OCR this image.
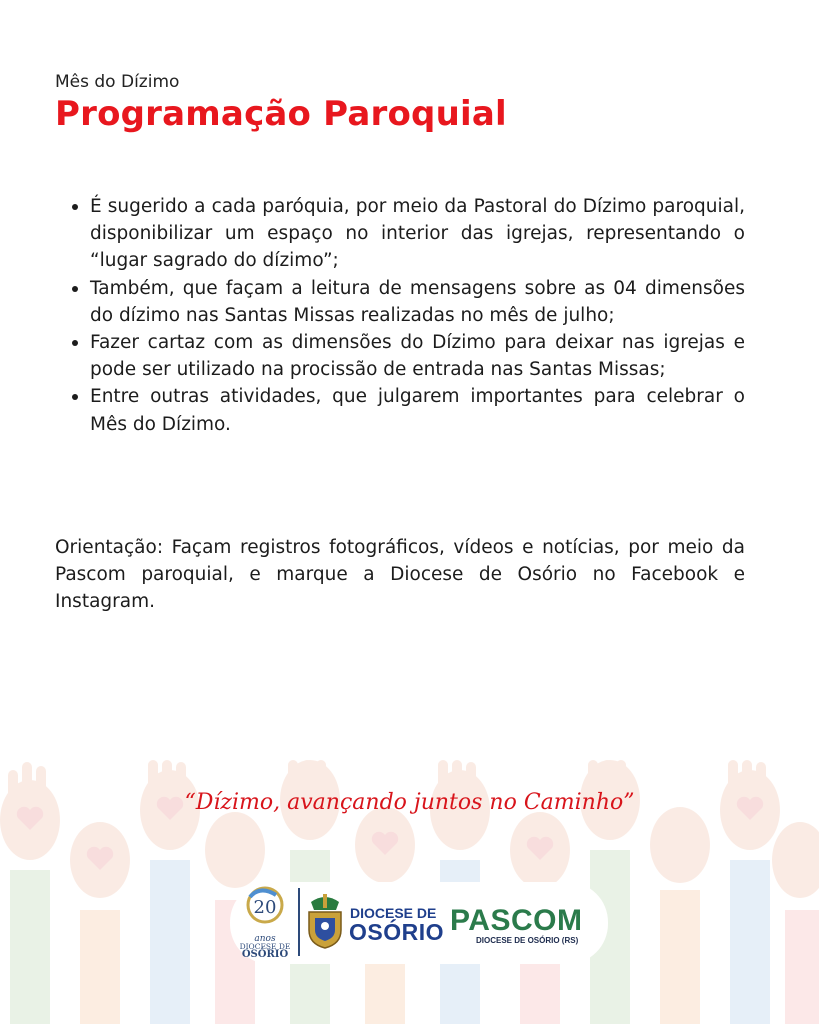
Mês do Dízimo
Programação Paroquial
É sugerido a cada paróquia, por meio da Pastoral do Dízimo paroquial, disponibilizar um espaço no interior das igrejas, representando o “lugar sagrado do dízimo”;
Também, que façam a leitura de mensagens sobre as 04 dimensões do dízimo nas Santas Missas realizadas no mês de julho;
Fazer cartaz com as dimensões do Dízimo para deixar nas igrejas e pode ser utilizado na procissão de entrada nas Santas Missas;
Entre outras atividades, que julgarem importantes para celebrar o Mês do Dízimo.

Orientação: Façam registros fotográficos, vídeos e notícias, por meio da Pascom paroquial, e marque a Diocese de Osório no Facebook e Instagram.

“Dízimo, avançando juntos no Caminho”
20
anos
DIOCESE DE
OSÓRIO
DIOCESE DE
OSÓRIO PASCOM
DIOCESE DE OSÓRIO (RS)
